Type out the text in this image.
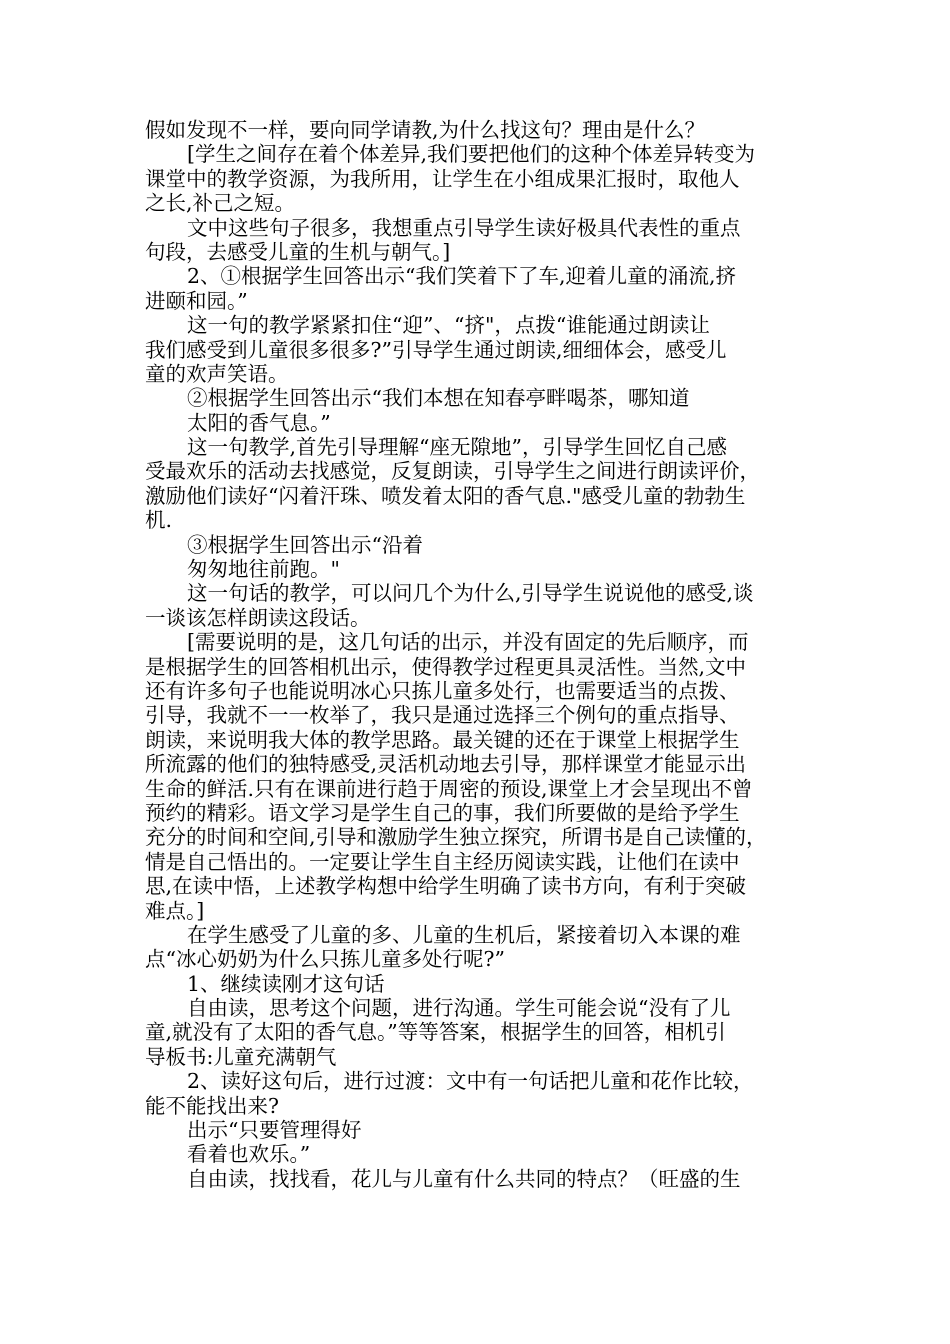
假如发现不一样，要向同学请教,为什么找这句？理由是什么？
[学生之间存在着个体差异,我们要把他们的这种个体差异转变为
课堂中的教学资源，为我所用，让学生在小组成果汇报时，取他人
之长,补己之短。
文中这些句子很多，我想重点引导学生读好极具代表性的重点
句段，去感受儿童的生机与朝气。]
2、①根据学生回答出示“我们笑着下了车,迎着儿童的涌流,挤
进颐和园。”
这一句的教学紧紧扣住“迎”、“挤"，点拨“谁能通过朗读让
我们感受到儿童很多很多?”引导学生通过朗读,细细体会，感受儿
童的欢声笑语。
②根据学生回答出示“我们本想在知春亭畔喝茶，哪知道
太阳的香气息。”
这一句教学,首先引导理解“座无隙地”，引导学生回忆自己感
受最欢乐的活动去找感觉，反复朗读，引导学生之间进行朗读评价，
激励他们读好“闪着汗珠、喷发着太阳的香气息."感受儿童的勃勃生
机.
③根据学生回答出示“沿着
匆匆地往前跑。"
这一句话的教学，可以问几个为什么,引导学生说说他的感受,谈
一谈该怎样朗读这段话。
[需要说明的是，这几句话的出示，并没有固定的先后顺序，而
是根据学生的回答相机出示，使得教学过程更具灵活性。当然,文中
还有许多句子也能说明冰心只拣儿童多处行，也需要适当的点拨、
引导，我就不一一枚举了，我只是通过选择三个例句的重点指导、
朗读，来说明我大体的教学思路。最关键的还在于课堂上根据学生
所流露的他们的独特感受,灵活机动地去引导，那样课堂才能显示出
生命的鲜活.只有在课前进行趋于周密的预设,课堂上才会呈现出不曾
预约的精彩。语文学习是学生自己的事，我们所要做的是给予学生
充分的时间和空间,引导和激励学生独立探究，所谓书是自己读懂的，
情是自己悟出的。一定要让学生自主经历阅读实践，让他们在读中
思,在读中悟，上述教学构想中给学生明确了读书方向，有利于突破
难点。]
在学生感受了儿童的多、儿童的生机后，紧接着切入本课的难
点“冰心奶奶为什么只拣儿童多处行呢?”
1、继续读刚才这句话
自由读，思考这个问题，进行沟通。学生可能会说“没有了儿
童,就没有了太阳的香气息。”等等答案，根据学生的回答，相机引
导板书:儿童充满朝气
2、读好这句后，进行过渡：文中有一句话把儿童和花作比较，
能不能找出来?
出示“只要管理得好
看着也欢乐。”
自由读，找找看，花儿与儿童有什么共同的特点？（旺盛的生
